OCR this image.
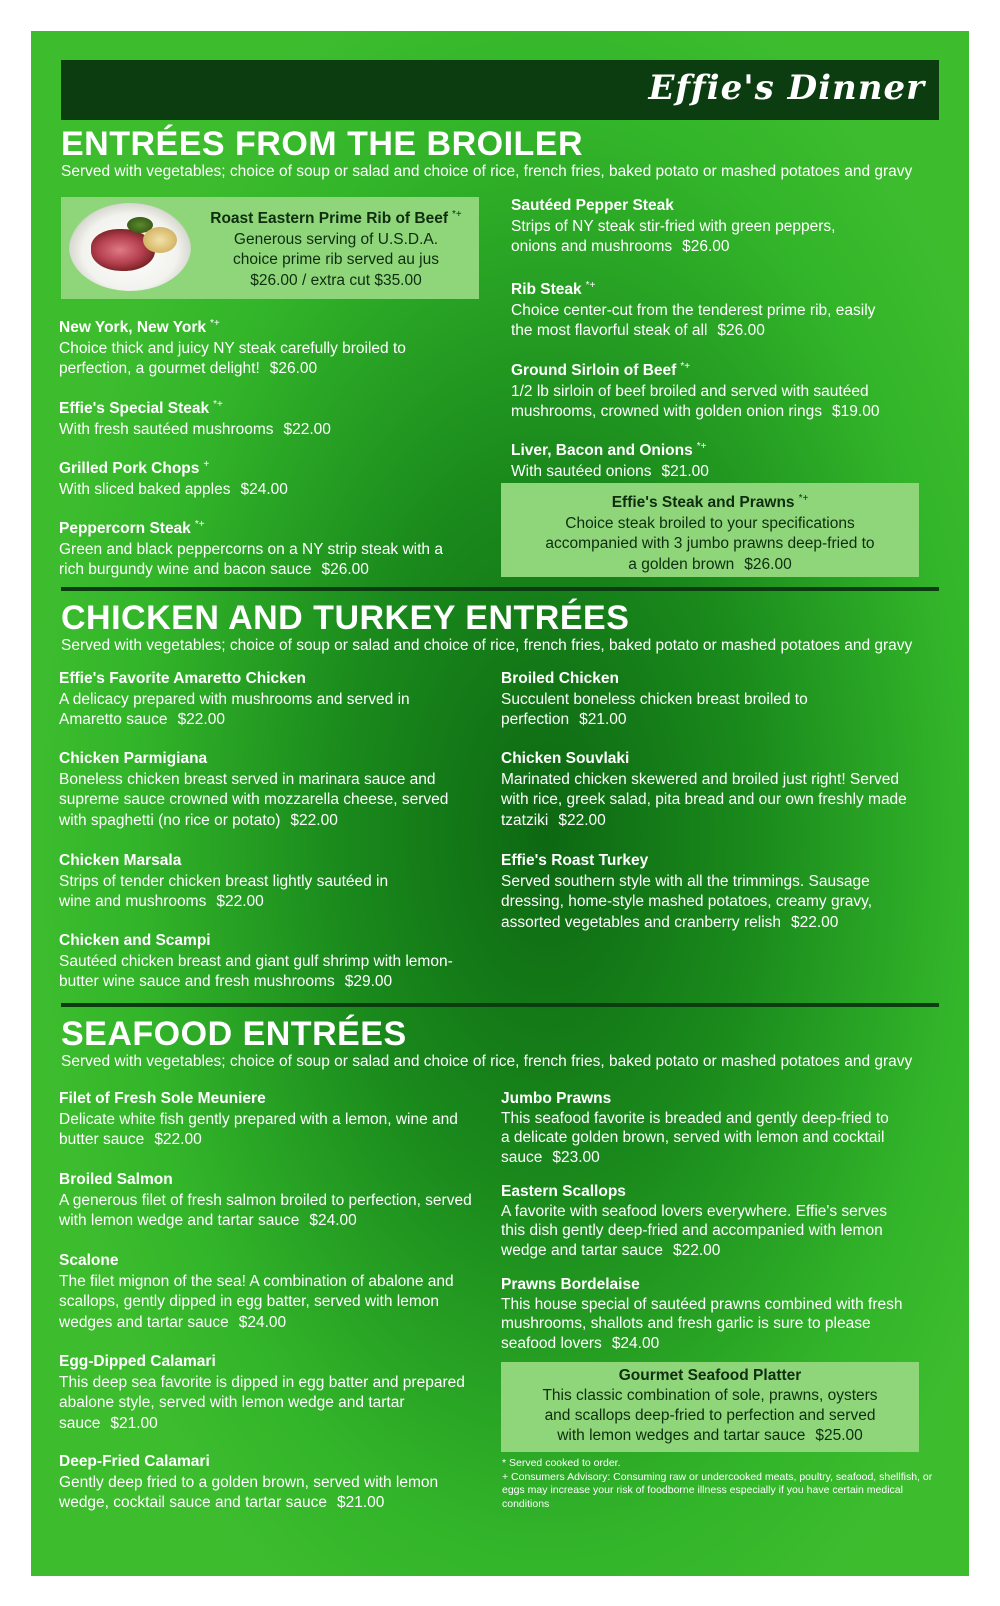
Effie's Dinner
ENTRÉES FROM THE BROILER
Served with vegetables; choice of soup or salad and choice of rice, french fries, baked potato or mashed potatoes and gravy
Roast Eastern Prime Rib of Beef *+
Generous serving of U.S.D.A.
choice prime rib served au jus
$26.00 / extra cut $35.00
New York, New York *+
Choice thick and juicy NY steak carefully broiled to perfection, a gourmet delight! $26.00
Effie's Special Steak *+
With fresh sautéed mushrooms $22.00
Grilled Pork Chops +
With sliced baked apples $24.00
Peppercorn Steak *+
Green and black peppercorns on a NY strip steak with a rich burgundy wine and bacon sauce $26.00
Sautéed Pepper Steak
Strips of NY steak stir-fried with green peppers, onions and mushrooms $26.00
Rib Steak *+
Choice center-cut from the tenderest prime rib, easily the most flavorful steak of all $26.00
Ground Sirloin of Beef *+
1/2 lb sirloin of beef broiled and served with sautéed mushrooms, crowned with golden onion rings $19.00
Liver, Bacon and Onions *+
With sautéed onions $21.00
Effie's Steak and Prawns *+
Choice steak broiled to your specifications accompanied with 3 jumbo prawns deep-fried to a golden brown $26.00
CHICKEN AND TURKEY ENTRÉES
Served with vegetables; choice of soup or salad and choice of rice, french fries, baked potato or mashed potatoes and gravy
Effie's Favorite Amaretto Chicken
A delicacy prepared with mushrooms and served in Amaretto sauce $22.00
Chicken Parmigiana
Boneless chicken breast served in marinara sauce and supreme sauce crowned with mozzarella cheese, served with spaghetti (no rice or potato) $22.00
Chicken Marsala
Strips of tender chicken breast lightly sautéed in wine and mushrooms $22.00
Chicken and Scampi
Sautéed chicken breast and giant gulf shrimp with lemon-butter wine sauce and fresh mushrooms $29.00
Broiled Chicken
Succulent boneless chicken breast broiled to perfection $21.00
Chicken Souvlaki
Marinated chicken skewered and broiled just right! Served with rice, greek salad, pita bread and our own freshly made tzatziki $22.00
Effie's Roast Turkey
Served southern style with all the trimmings. Sausage dressing, home-style mashed potatoes, creamy gravy, assorted vegetables and cranberry relish $22.00
SEAFOOD ENTRÉES
Served with vegetables; choice of soup or salad and choice of rice, french fries, baked potato or mashed potatoes and gravy
Filet of Fresh Sole Meuniere
Delicate white fish gently prepared with a lemon, wine and butter sauce $22.00
Broiled Salmon
A generous filet of fresh salmon broiled to perfection, served with lemon wedge and tartar sauce $24.00
Scalone
The filet mignon of the sea! A combination of abalone and scallops, gently dipped in egg batter, served with lemon wedges and tartar sauce $24.00
Egg-Dipped Calamari
This deep sea favorite is dipped in egg batter and prepared abalone style, served with lemon wedge and tartar sauce $21.00
Deep-Fried Calamari
Gently deep fried to a golden brown, served with lemon wedge, cocktail sauce and tartar sauce $21.00
Jumbo Prawns
This seafood favorite is breaded and gently deep-fried to a delicate golden brown, served with lemon and cocktail sauce $23.00
Eastern Scallops
A favorite with seafood lovers everywhere. Effie's serves this dish gently deep-fried and accompanied with lemon wedge and tartar sauce $22.00
Prawns Bordelaise
This house special of sautéed prawns combined with fresh mushrooms, shallots and fresh garlic is sure to please seafood lovers $24.00
Gourmet Seafood Platter
This classic combination of sole, prawns, oysters and scallops deep-fried to perfection and served with lemon wedges and tartar sauce $25.00
* Served cooked to order.
+ Consumers Advisory: Consuming raw or undercooked meats, poultry, seafood, shellfish, or eggs may increase your risk of foodborne illness especially if you have certain medical conditions
